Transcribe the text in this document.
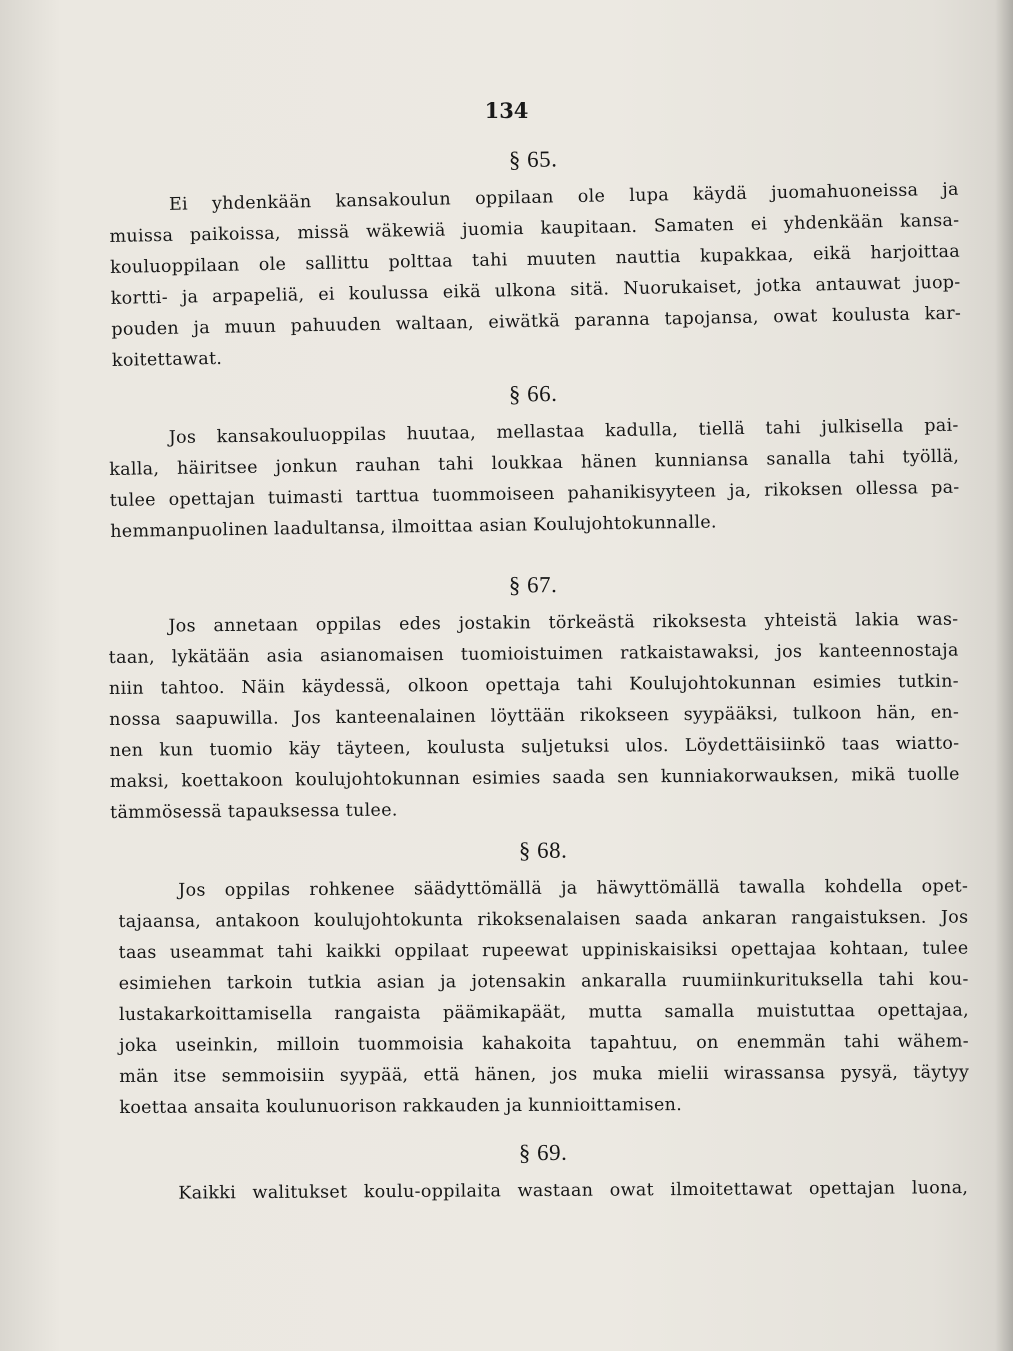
134
§ 65.
Ei yhdenkään kansakoulun oppilaan ole lupa käydä juomahuoneissa ja
muissa paikoissa, missä wäkewiä juomia kaupitaan. Samaten ei yhdenkään kansa-
kouluoppilaan ole sallittu polttaa tahi muuten nauttia kupakkaa, eikä harjoittaa
kortti- ja arpapeliä, ei koulussa eikä ulkona sitä. Nuorukaiset, jotka antauwat juop-
pouden ja muun pahuuden waltaan, eiwätkä paranna tapojansa, owat koulusta kar-
koitettawat.
§ 66.
Jos kansakouluoppilas huutaa, mellastaa kadulla, tiellä tahi julkisella pai-
kalla, häiritsee jonkun rauhan tahi loukkaa hänen kunniansa sanalla tahi työllä,
tulee opettajan tuimasti tarttua tuommoiseen pahanikisyyteen ja, rikoksen ollessa pa-
hemmanpuolinen laadultansa, ilmoittaa asian Koulujohtokunnalle.
§ 67.
Jos annetaan oppilas edes jostakin törkeästä rikoksesta yhteistä lakia was-
taan, lykätään asia asianomaisen tuomioistuimen ratkaistawaksi, jos kanteennostaja
niin tahtoo. Näin käydessä, olkoon opettaja tahi Koulujohtokunnan esimies tutkin-
nossa saapuwilla. Jos kanteenalainen löyttään rikokseen syypääksi, tulkoon hän, en-
nen kun tuomio käy täyteen, koulusta suljetuksi ulos. Löydettäisiinkö taas wiatto-
maksi, koettakoon koulujohtokunnan esimies saada sen kunniakorwauksen, mikä tuolle
tämmösessä tapauksessa tulee.
§ 68.
Jos oppilas rohkenee säädyttömällä ja häwyttömällä tawalla kohdella opet-
tajaansa, antakoon koulujohtokunta rikoksenalaisen saada ankaran rangaistuksen. Jos
taas useammat tahi kaikki oppilaat rupeewat uppiniskaisiksi opettajaa kohtaan, tulee
esimiehen tarkoin tutkia asian ja jotensakin ankaralla ruumiinkurituksella tahi kou-
lustakarkoittamisella rangaista päämikapäät, mutta samalla muistuttaa opettajaa,
joka useinkin, milloin tuommoisia kahakoita tapahtuu, on enemmän tahi wähem-
män itse semmoisiin syypää, että hänen, jos muka mielii wirassansa pysyä, täytyy
koettaa ansaita koulunuorison rakkauden ja kunnioittamisen.
§ 69.
Kaikki walitukset koulu-oppilaita wastaan owat ilmoitettawat opettajan luona,
